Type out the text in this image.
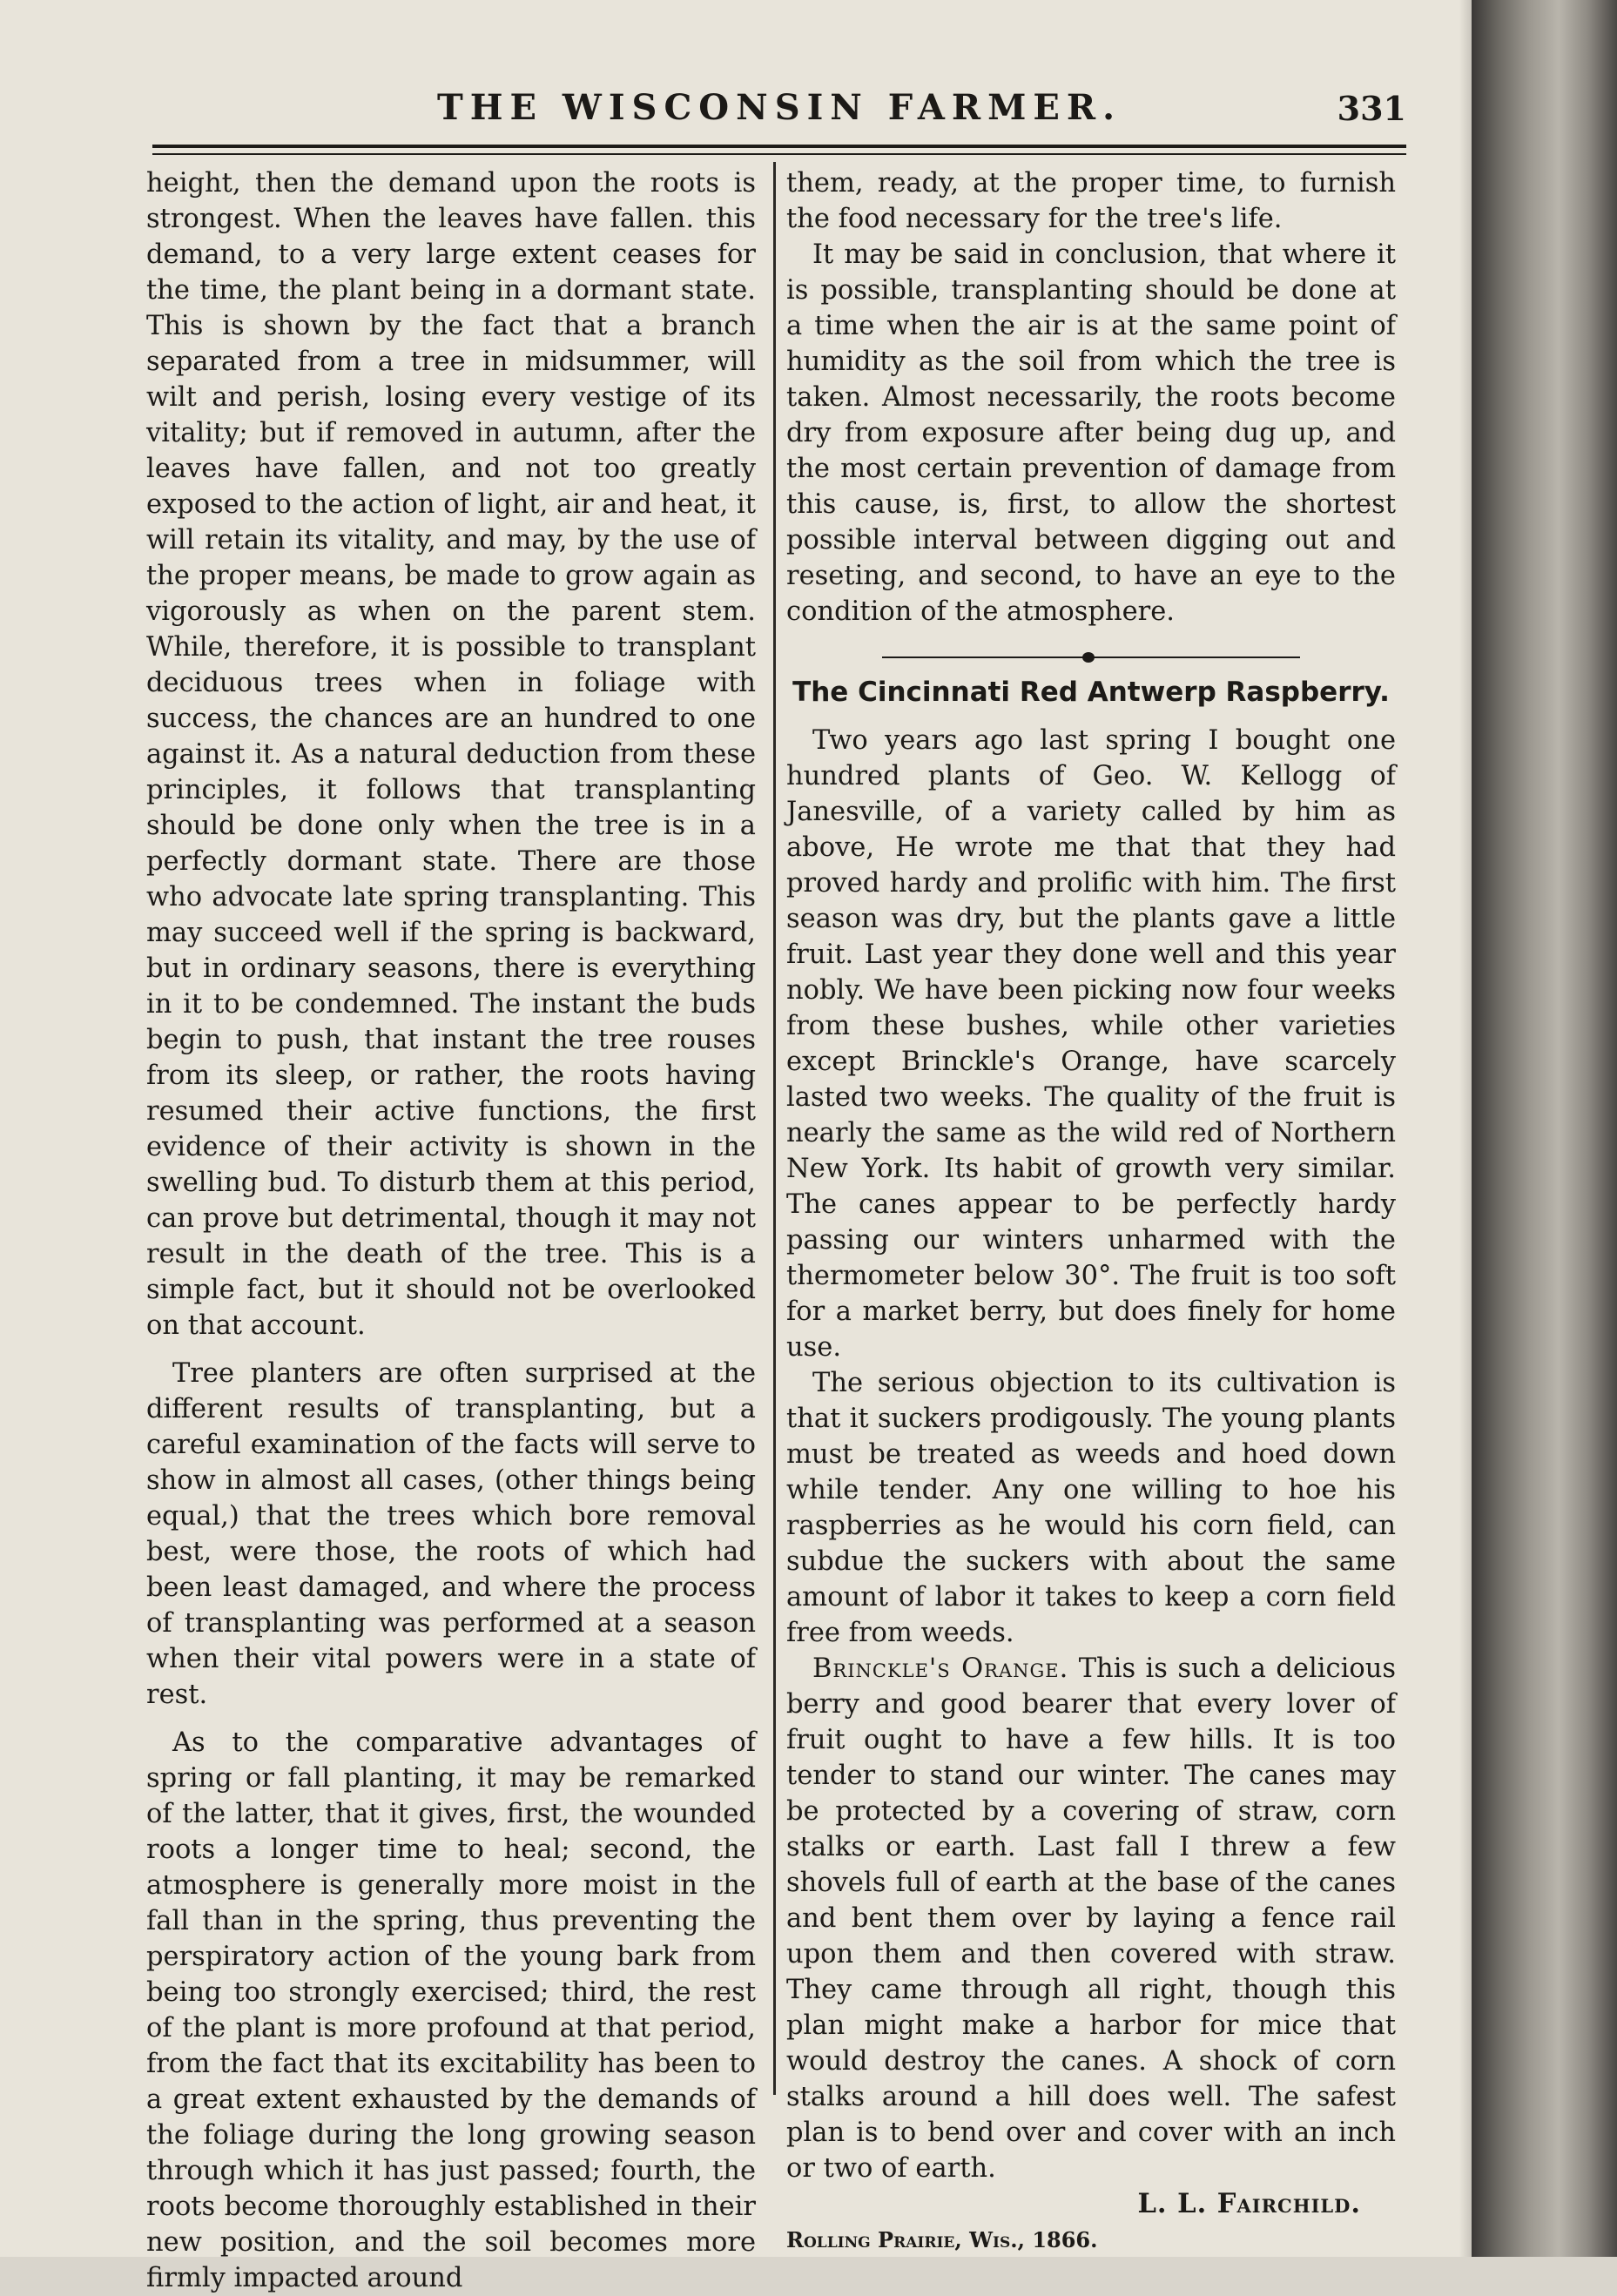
THE WISCONSIN FARMER.	331

height, then the demand upon the roots is strongest. When the leaves have fallen. this demand, to a very large extent ceases for the time, the plant being in a dormant state. This is shown by the fact that a branch separated from a tree in midsummer, will wilt and perish, losing every vestige of its vitality; but if removed in autumn, after the leaves have fallen, and not too greatly exposed to the action of light, air and heat, it will retain its vitality, and may, by the use of the proper means, be made to grow again as vigorously as when on the parent stem. While, therefore, it is possible to transplant deciduous trees when in foliage with success, the chances are an hundred to one against it. As a natural deduction from these principles, it follows that transplanting should be done only when the tree is in a perfectly dormant state. There are those who advocate late spring transplanting. This may succeed well if the spring is backward, but in ordinary seasons, there is everything in it to be condemned. The instant the buds begin to push, that instant the tree rouses from its sleep, or rather, the roots having resumed their active functions, the first evidence of their activity is shown in the swelling bud. To disturb them at this period, can prove but detrimental, though it may not result in the death of the tree. This is a simple fact, but it should not be overlooked on that account.

Tree planters are often surprised at the different results of transplanting, but a careful examination of the facts will serve to show in almost all cases, (other things being equal,) that the trees which bore removal best, were those, the roots of which had been least damaged, and where the process of transplanting was performed at a season when their vital powers were in a state of rest.

As to the comparative advantages of spring or fall planting, it may be remarked of the latter, that it gives, first, the wounded roots a longer time to heal; second, the atmosphere is generally more moist in the fall than in the spring, thus preventing the perspiratory action of the young bark from being too strongly exercised; third, the rest of the plant is more profound at that period, from the fact that its excitability has been to a great extent exhausted by the demands of the foliage during the long growing season through which it has just passed; fourth, the roots become thoroughly established in their new position, and the soil becomes more firmly impacted around

them, ready, at the proper time, to furnish the food necessary for the tree's life.

It may be said in conclusion, that where it is possible, transplanting should be done at a time when the air is at the same point of humidity as the soil from which the tree is taken. Almost necessarily, the roots become dry from exposure after being dug up, and the most certain prevention of damage from this cause, is, first, to allow the shortest possible interval between digging out and reseting, and second, to have an eye to the condition of the atmosphere.

The Cincinnati Red Antwerp Raspberry.

Two years ago last spring I bought one hundred plants of Geo. W. Kellogg of Janesville, of a variety called by him as above, He wrote me that that they had proved hardy and prolific with him. The first season was dry, but the plants gave a little fruit. Last year they done well and this year nobly. We have been picking now four weeks from these bushes, while other varieties except Brinckle's Orange, have scarcely lasted two weeks. The quality of the fruit is nearly the same as the wild red of Northern New York. Its habit of growth very similar. The canes appear to be perfectly hardy passing our winters unharmed with the thermometer below 30°. The fruit is too soft for a market berry, but does finely for home use.

The serious objection to its cultivation is that it suckers prodigously. The young plants must be treated as weeds and hoed down while tender. Any one willing to hoe his raspberries as he would his corn field, can subdue the suckers with about the same amount of labor it takes to keep a corn field free from weeds.

Brinckle's Orange. This is such a delicious berry and good bearer that every lover of fruit ought to have a few hills. It is too tender to stand our winter. The canes may be protected by a covering of straw, corn stalks or earth. Last fall I threw a few shovels full of earth at the base of the canes and bent them over by laying a fence rail upon them and then covered with straw. They came through all right, though this plan might make a harbor for mice that would destroy the canes. A shock of corn stalks around a hill does well. The safest plan is to bend over and cover with an inch or two of earth.

L. L. Fairchild.

Rolling Prairie, Wis., 1866.
